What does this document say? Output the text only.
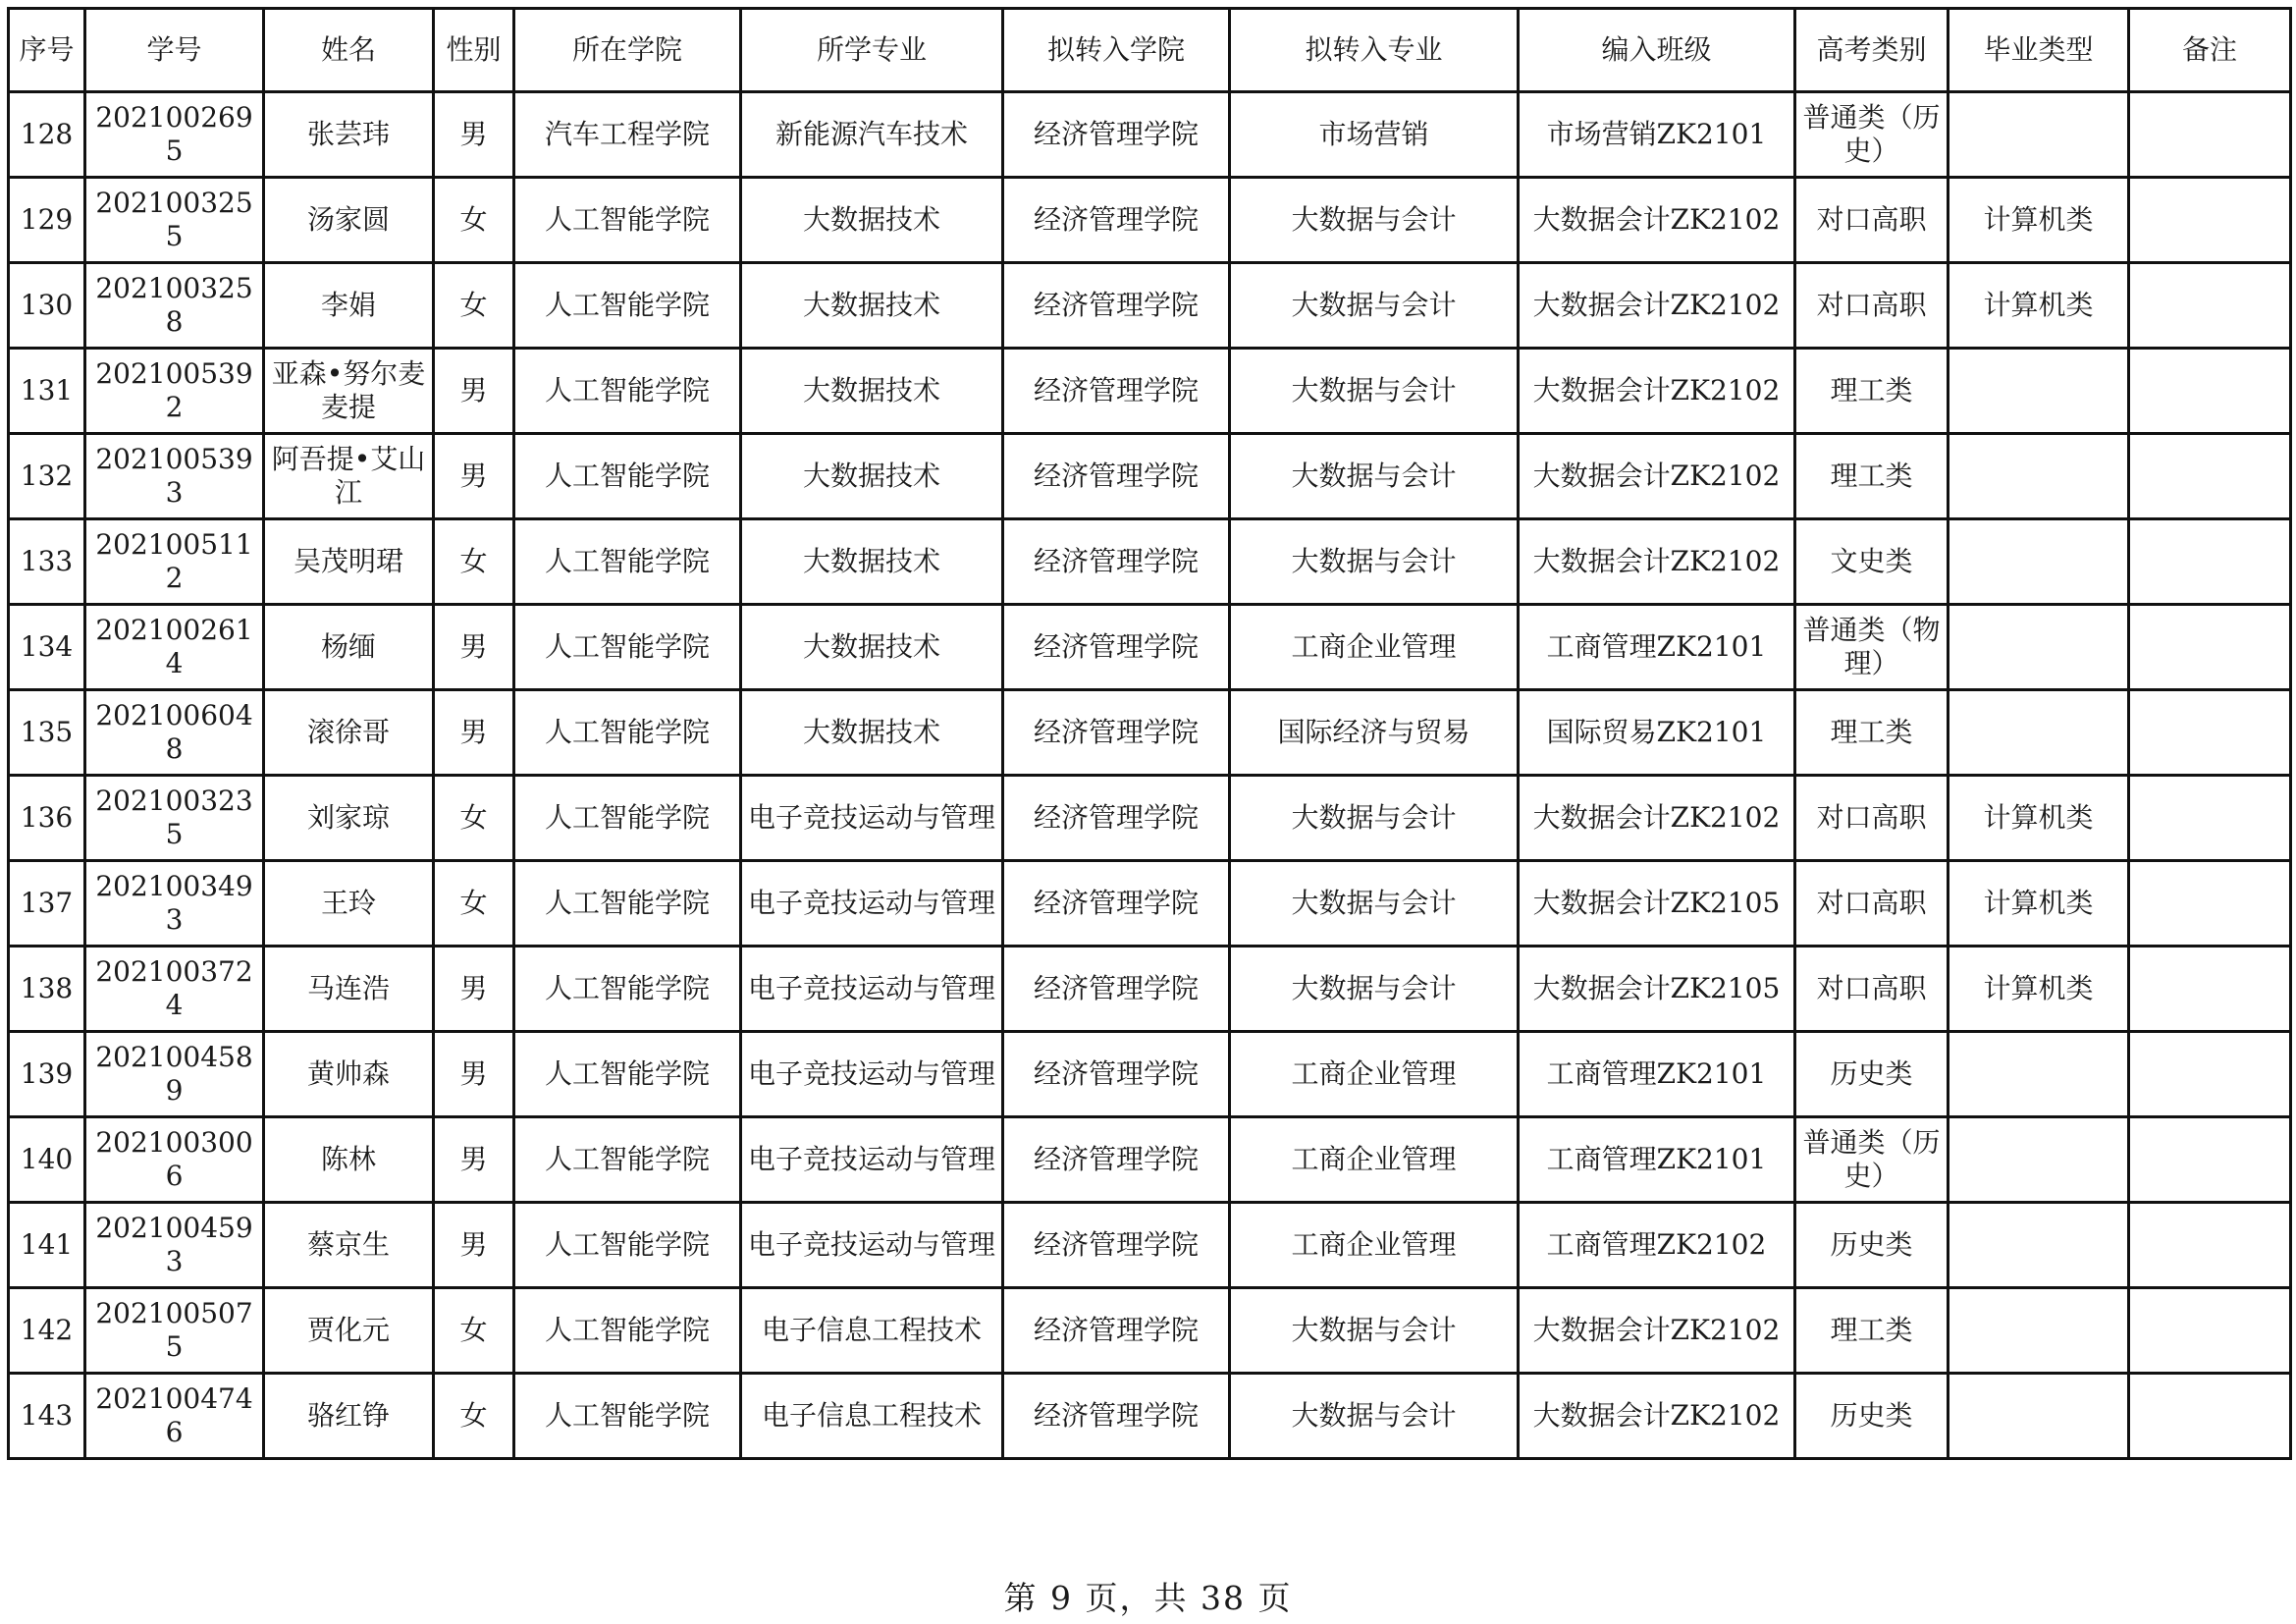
序号	学号	姓名	性别	所在学院	所学专业	拟转入学院	拟转入专业	编入班级	高考类别	毕业类型	备注
128	2021002695	张芸玮	男	汽车工程学院	新能源汽车技术	经济管理学院	市场营销	市场营销ZK2101	普通类（历史）		
129	2021003255	汤家圆	女	人工智能学院	大数据技术	经济管理学院	大数据与会计	大数据会计ZK2102	对口高职	计算机类	
130	2021003258	李娟	女	人工智能学院	大数据技术	经济管理学院	大数据与会计	大数据会计ZK2102	对口高职	计算机类	
131	2021005392	亚森•努尔麦麦提	男	人工智能学院	大数据技术	经济管理学院	大数据与会计	大数据会计ZK2102	理工类		
132	2021005393	阿吾提•艾山江	男	人工智能学院	大数据技术	经济管理学院	大数据与会计	大数据会计ZK2102	理工类		
133	2021005112	吴茂明珺	女	人工智能学院	大数据技术	经济管理学院	大数据与会计	大数据会计ZK2102	文史类		
134	2021002614	杨缅	男	人工智能学院	大数据技术	经济管理学院	工商企业管理	工商管理ZK2101	普通类（物理）		
135	2021006048	滚徐哥	男	人工智能学院	大数据技术	经济管理学院	国际经济与贸易	国际贸易ZK2101	理工类		
136	2021003235	刘家琼	女	人工智能学院	电子竞技运动与管理	经济管理学院	大数据与会计	大数据会计ZK2102	对口高职	计算机类	
137	2021003493	王玲	女	人工智能学院	电子竞技运动与管理	经济管理学院	大数据与会计	大数据会计ZK2105	对口高职	计算机类	
138	2021003724	马连浩	男	人工智能学院	电子竞技运动与管理	经济管理学院	大数据与会计	大数据会计ZK2105	对口高职	计算机类	
139	2021004589	黄帅森	男	人工智能学院	电子竞技运动与管理	经济管理学院	工商企业管理	工商管理ZK2101	历史类		
140	2021003006	陈林	男	人工智能学院	电子竞技运动与管理	经济管理学院	工商企业管理	工商管理ZK2101	普通类（历史）		
141	2021004593	蔡京生	男	人工智能学院	电子竞技运动与管理	经济管理学院	工商企业管理	工商管理ZK2102	历史类		
142	2021005075	贾化元	女	人工智能学院	电子信息工程技术	经济管理学院	大数据与会计	大数据会计ZK2102	理工类		
143	2021004746	骆红铮	女	人工智能学院	电子信息工程技术	经济管理学院	大数据与会计	大数据会计ZK2102	历史类		
第 9 页，共 38 页
